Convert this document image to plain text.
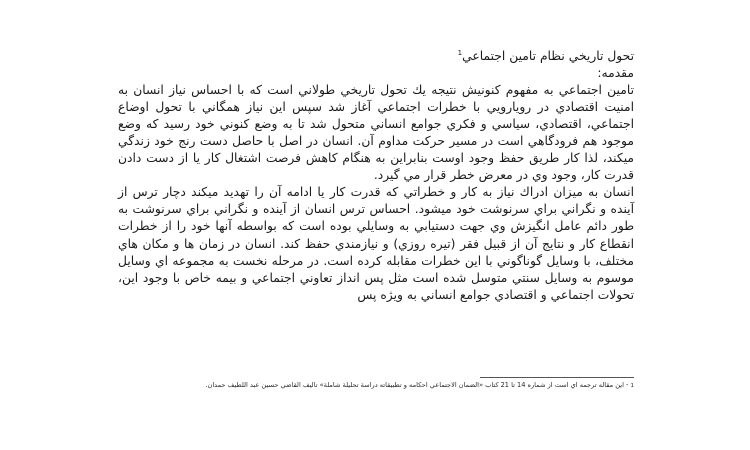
تحول تاريخي نظام تامين اجتماعي$^1$
مقدمه:

تامين اجتماعي به مفهوم كنونيش نتيجه يك تحول تاريخي طولاني است كه با احساس نياز انسان به امنيت اقتصادي در رويارويي با خطرات اجتماعي آغاز شد سپس اين نياز همگاني با تحول اوضاع اجتماعي، اقتصادي، سياسي و فكري جوامع انساني متحول شد تا به وضع كنوني خود رسيد كه وضع موجود هم فرودگاهي است در مسير حركت مداوم آن. انسان در اصل با حاصل دست رنج خود زندگي ميكند، لذا كار طريق حفظ وجود اوست بنابراين به هنگام كاهش فرصت اشتغال كار يا از دست دادن قدرت كار، وجود وي در معرض خطر قرار مي گيرد.

انسان به ميزان ادراك نياز به كار و خطراتي كه قدرت كار يا ادامه آن را تهديد ميكند دچار ترس از آينده و نگراني براي سرنوشت خود ميشود. احساس ترس انسان از آينده و نگراني براي سرنوشت به طور دائم عامل انگيزش وي جهت دستيابي به وسايلي بوده است كه بواسطه آنها خود را از خطرات انقطاع كار و نتايج آن از قبيل فقر (تيره روزي) و نيازمندي حفظ كند. انسان در زمان ها و مكان هاي مختلف، با وسايل گوناگوني با اين خطرات مقابله كرده است. در مرحله نخست به مجموعه اي وسايل موسوم به وسايل سنتي متوسل شده است مثل پس انداز تعاوني اجتماعي و بيمه خاص با وجود اين، تحولات اجتماعي و اقتصادي جوامع انساني به ويژه پس

1 - اين مقاله ترجمه اي است از شماره 14 تا 21 كتاب «الضمان الاجتماعي احكامه و تطبيقاته دراسة تحليلة شاملة» تاليف القاضي حسين عبد اللطيف حمدان.
